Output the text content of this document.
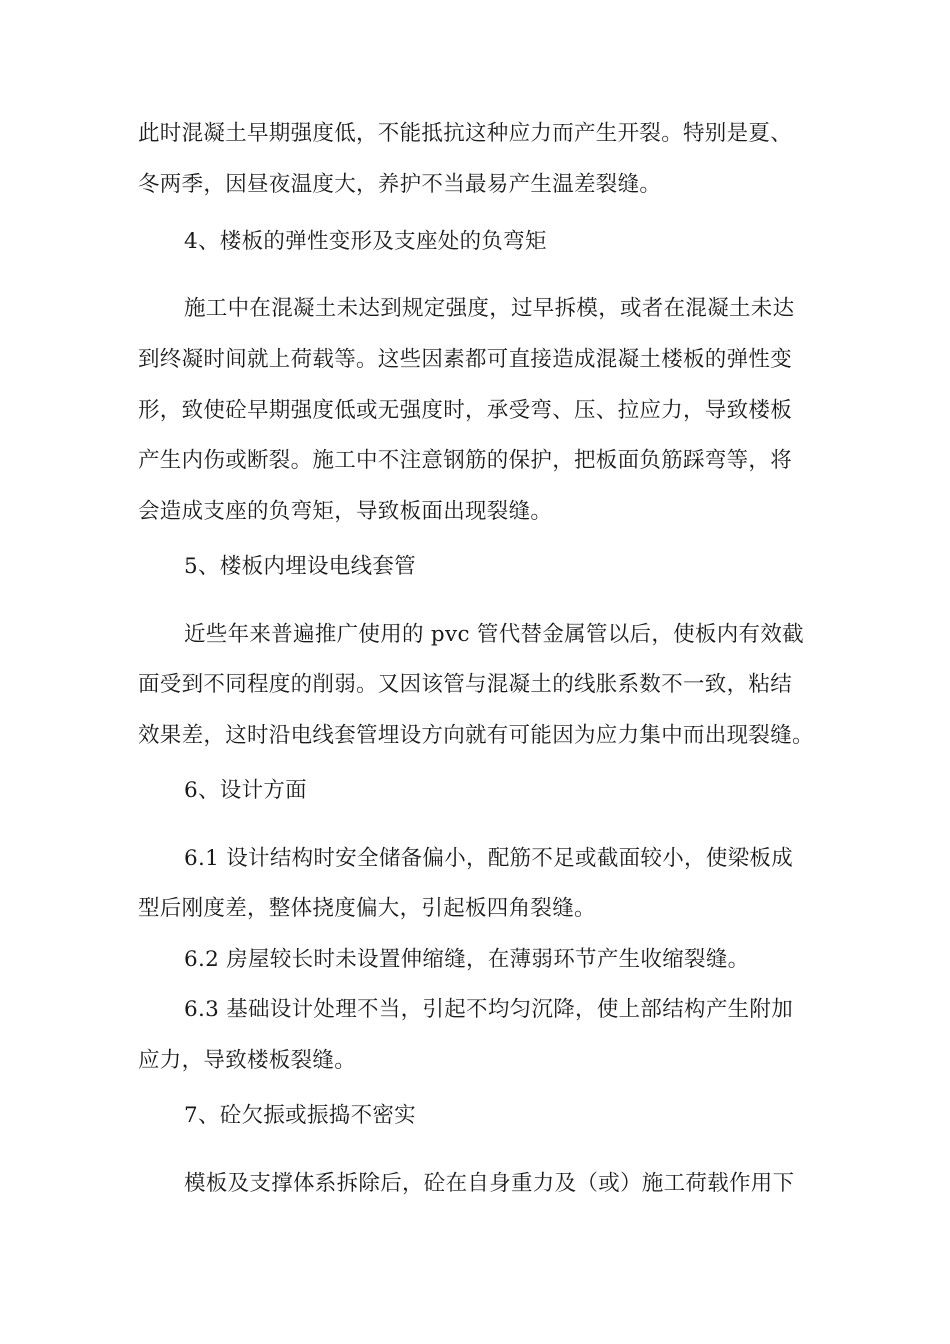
此时混凝土早期强度低，不能抵抗这种应力而产生开裂。特别是夏、
冬两季，因昼夜温度大，养护不当最易产生温差裂缝。
4、楼板的弹性变形及支座处的负弯矩
施工中在混凝土未达到规定强度，过早拆模，或者在混凝土未达
到终凝时间就上荷载等。这些因素都可直接造成混凝土楼板的弹性变
形，致使砼早期强度低或无强度时，承受弯、压、拉应力，导致楼板
产生内伤或断裂。施工中不注意钢筋的保护，把板面负筋踩弯等，将
会造成支座的负弯矩，导致板面出现裂缝。
5、楼板内埋设电线套管
近些年来普遍推广使用的 pvc 管代替金属管以后，使板内有效截
面受到不同程度的削弱。又因该管与混凝土的线胀系数不一致，粘结
效果差，这时沿电线套管埋设方向就有可能因为应力集中而出现裂缝。
6、设计方面
6.1 设计结构时安全储备偏小，配筋不足或截面较小，使梁板成
型后刚度差，整体挠度偏大，引起板四角裂缝。
6.2 房屋较长时未设置伸缩缝，在薄弱环节产生收缩裂缝。
6.3 基础设计处理不当，引起不均匀沉降，使上部结构产生附加
应力，导致楼板裂缝。
7、砼欠振或振捣不密实
模板及支撑体系拆除后，砼在自身重力及（或）施工荷载作用下
